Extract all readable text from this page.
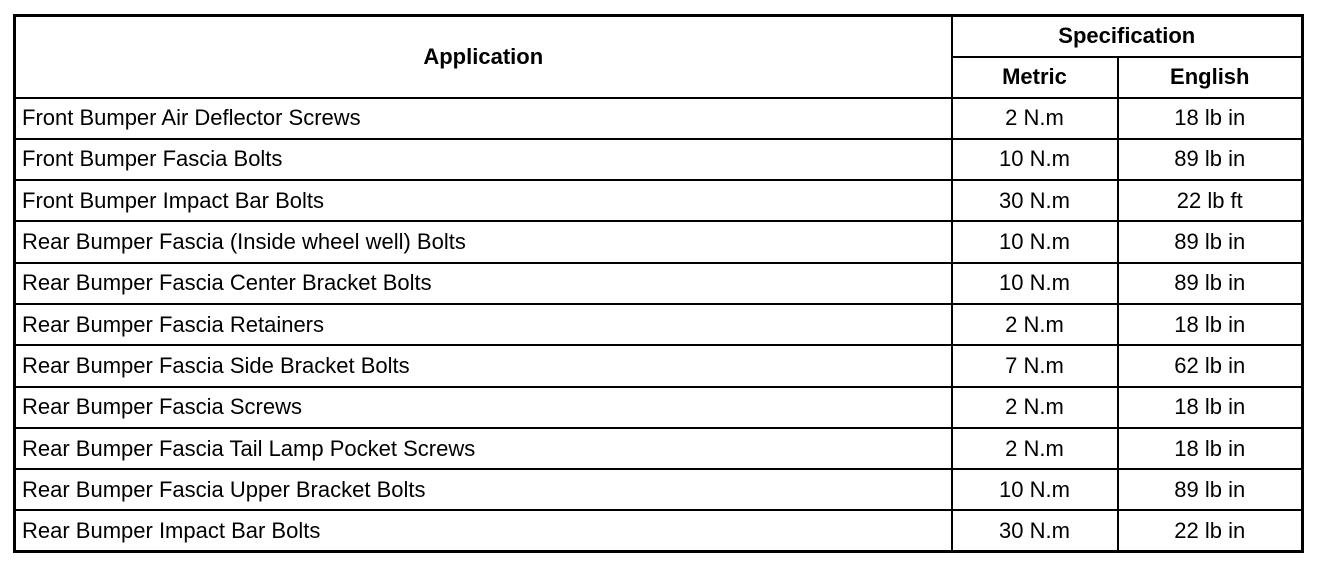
Application	Specification	
	Metric	English
Front Bumper Air Deflector Screws	2 N.m	18 lb in
Front Bumper Fascia Bolts	10 N.m	89 lb in
Front Bumper Impact Bar Bolts	30 N.m	22 lb ft
Rear Bumper Fascia (Inside wheel well) Bolts	10 N.m	89 lb in
Rear Bumper Fascia Center Bracket Bolts	10 N.m	89 lb in
Rear Bumper Fascia Retainers	2 N.m	18 lb in
Rear Bumper Fascia Side Bracket Bolts	7 N.m	62 lb in
Rear Bumper Fascia Screws	2 N.m	18 lb in
Rear Bumper Fascia Tail Lamp Pocket Screws	2 N.m	18 lb in
Rear Bumper Fascia Upper Bracket Bolts	10 N.m	89 lb in
Rear Bumper Impact Bar Bolts	30 N.m	22 lb in
